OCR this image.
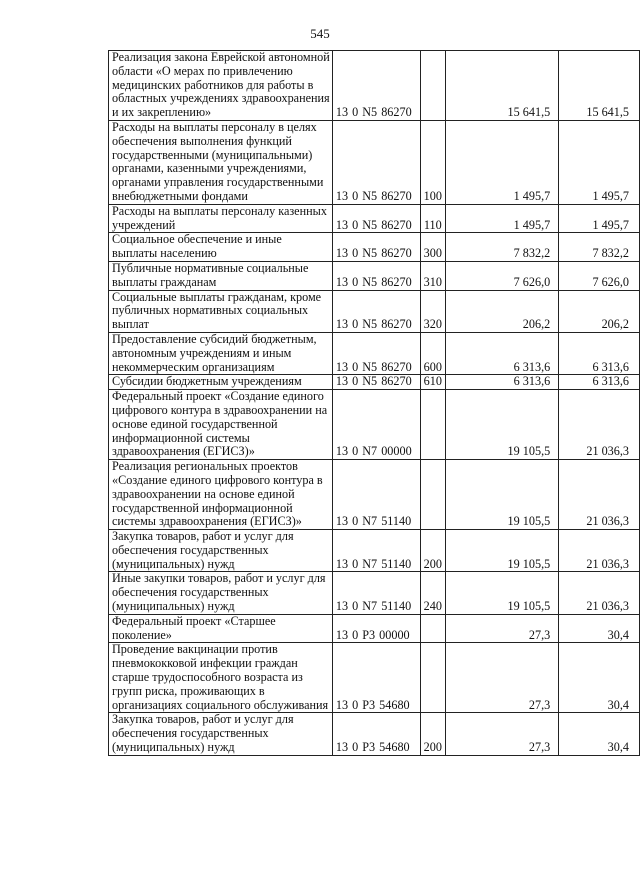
545
Реализация закона Еврейской автономной области «О мерах по привлечению медицинских работников для работы в областных учреждениях здравоохранения и их закреплению»	13 0 N5 86270		15 641,5	15 641,5
Расходы на выплаты персоналу в целях обеспечения выполнения функций государственными (муниципальными) органами, казенными учреждениями, органами управления государственными внебюджетными фондами	13 0 N5 86270	100	1 495,7	1 495,7
Расходы на выплаты персоналу казенных учреждений	13 0 N5 86270	110	1 495,7	1 495,7
Социальное обеспечение и иные выплаты населению	13 0 N5 86270	300	7 832,2	7 832,2
Публичные нормативные социальные выплаты гражданам	13 0 N5 86270	310	7 626,0	7 626,0
Социальные выплаты гражданам, кроме публичных нормативных социальных выплат	13 0 N5 86270	320	206,2	206,2
Предоставление субсидий бюджетным, автономным учреждениям и иным некоммерческим организациям	13 0 N5 86270	600	6 313,6	6 313,6
Субсидии бюджетным учреждениям	13 0 N5 86270	610	6 313,6	6 313,6
Федеральный проект «Создание единого цифрового контура в здравоохранении на основе единой государственной информационной системы здравоохранения (ЕГИСЗ)»	13 0 N7 00000		19 105,5	21 036,3
Реализация региональных проектов «Создание единого цифрового контура в здравоохранении на основе единой государственной информационной системы здравоохранения (ЕГИСЗ)»	13 0 N7 51140		19 105,5	21 036,3
Закупка товаров, работ и услуг для обеспечения государственных (муниципальных) нужд	13 0 N7 51140	200	19 105,5	21 036,3
Иные закупки товаров, работ и услуг для обеспечения государственных (муниципальных) нужд	13 0 N7 51140	240	19 105,5	21 036,3
Федеральный проект «Старшее поколение»	13 0 P3 00000		27,3	30,4
Проведение вакцинации против пневмококковой инфекции граждан старше трудоспособного возраста из групп риска, проживающих в организациях социального обслуживания	13 0 P3 54680		27,3	30,4
Закупка товаров, работ и услуг для обеспечения государственных (муниципальных) нужд	13 0 P3 54680	200	27,3	30,4
